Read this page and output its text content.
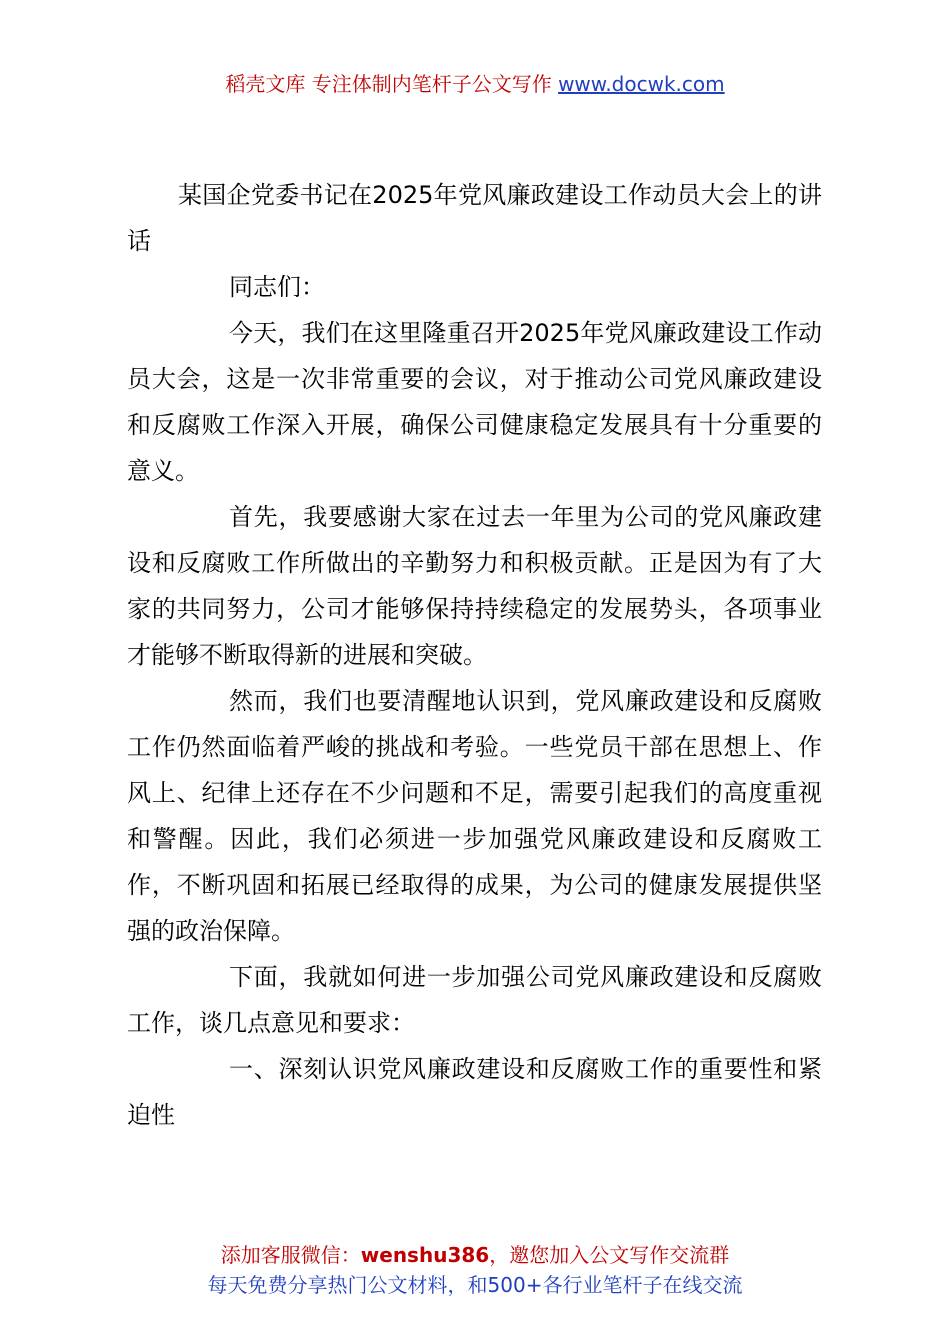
稻壳文库 专注体制内笔杆子公文写作 www.docwk.com

某国企党委书记在2025年党风廉政建设工作动员大会上的讲话

同志们：

今天，我们在这里隆重召开2025年党风廉政建设工作动员大会，这是一次非常重要的会议，对于推动公司党风廉政建设和反腐败工作深入开展，确保公司健康稳定发展具有十分重要的意义。

首先，我要感谢大家在过去一年里为公司的党风廉政建设和反腐败工作所做出的辛勤努力和积极贡献。正是因为有了大家的共同努力，公司才能够保持持续稳定的发展势头，各项事业才能够不断取得新的进展和突破。

然而，我们也要清醒地认识到，党风廉政建设和反腐败工作仍然面临着严峻的挑战和考验。一些党员干部在思想上、作风上、纪律上还存在不少问题和不足，需要引起我们的高度重视和警醒。因此，我们必须进一步加强党风廉政建设和反腐败工作，不断巩固和拓展已经取得的成果，为公司的健康发展提供坚强的政治保障。

下面，我就如何进一步加强公司党风廉政建设和反腐败工作，谈几点意见和要求：

一、深刻认识党风廉政建设和反腐败工作的重要性和紧迫性

添加客服微信：wenshu386，邀您加入公文写作交流群
每天免费分享热门公文材料，和500+各行业笔杆子在线交流
